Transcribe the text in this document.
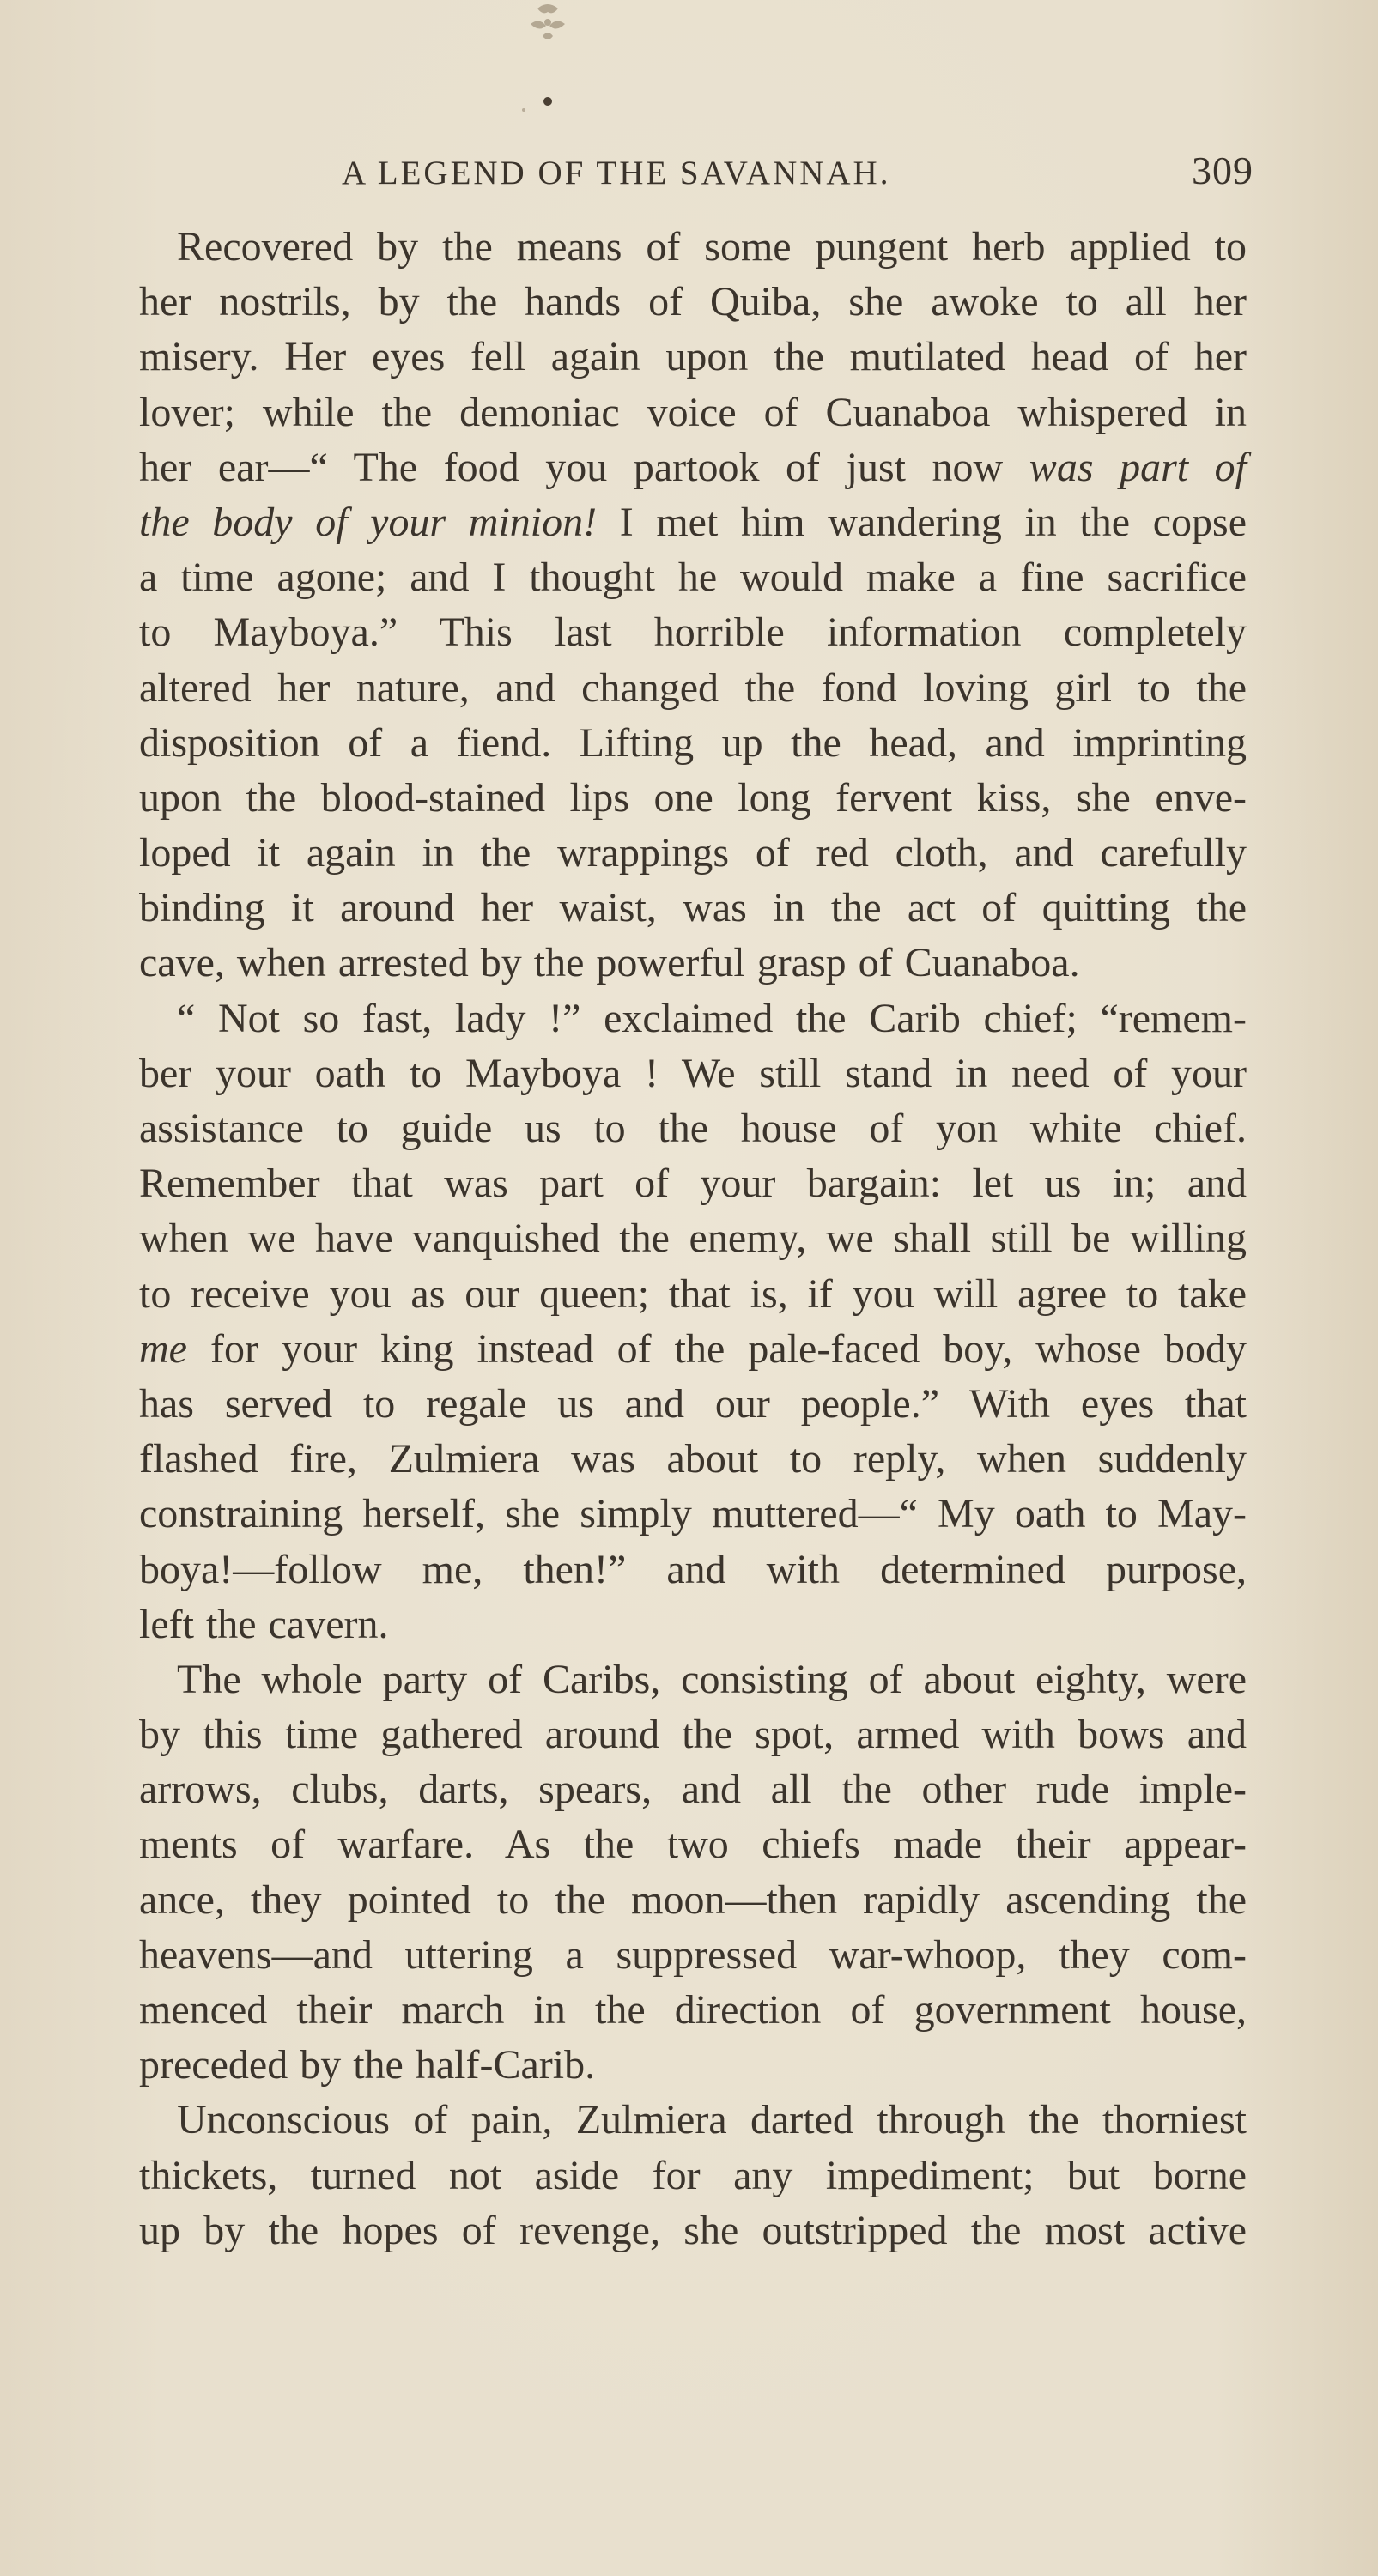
A LEGEND OF THE SAVANNAH.	309
Recovered by the means of some pungent herb applied to
her nostrils, by the hands of Quiba, she awoke to all her
misery. Her eyes fell again upon the mutilated head of her
lover; while the demoniac voice of Cuanaboa whispered in
her ear—“ The food you partook of just now was part of
the body of your minion! I met him wandering in the copse
a time agone; and I thought he would make a fine sacrifice
to Mayboya.” This last horrible information completely
altered her nature, and changed the fond loving girl to the
disposition of a fiend. Lifting up the head, and imprinting
upon the blood-stained lips one long fervent kiss, she enve-
loped it again in the wrappings of red cloth, and carefully
binding it around her waist, was in the act of quitting the
cave, when arrested by the powerful grasp of Cuanaboa.
“ Not so fast, lady !” exclaimed the Carib chief; “remem-
ber your oath to Mayboya ! We still stand in need of your
assistance to guide us to the house of yon white chief.
Remember that was part of your bargain: let us in; and
when we have vanquished the enemy, we shall still be willing
to receive you as our queen; that is, if you will agree to take
me for your king instead of the pale-faced boy, whose body
has served to regale us and our people.” With eyes that
flashed fire, Zulmiera was about to reply, when suddenly
constraining herself, she simply muttered—“ My oath to May-
boya!—follow me, then!” and with determined purpose,
left the cavern.
The whole party of Caribs, consisting of about eighty, were
by this time gathered around the spot, armed with bows and
arrows, clubs, darts, spears, and all the other rude imple-
ments of warfare. As the two chiefs made their appear-
ance, they pointed to the moon—then rapidly ascending the
heavens—and uttering a suppressed war-whoop, they com-
menced their march in the direction of government house,
preceded by the half-Carib.
Unconscious of pain, Zulmiera darted through the thorniest
thickets, turned not aside for any impediment; but borne
up by the hopes of revenge, she outstripped the most active
